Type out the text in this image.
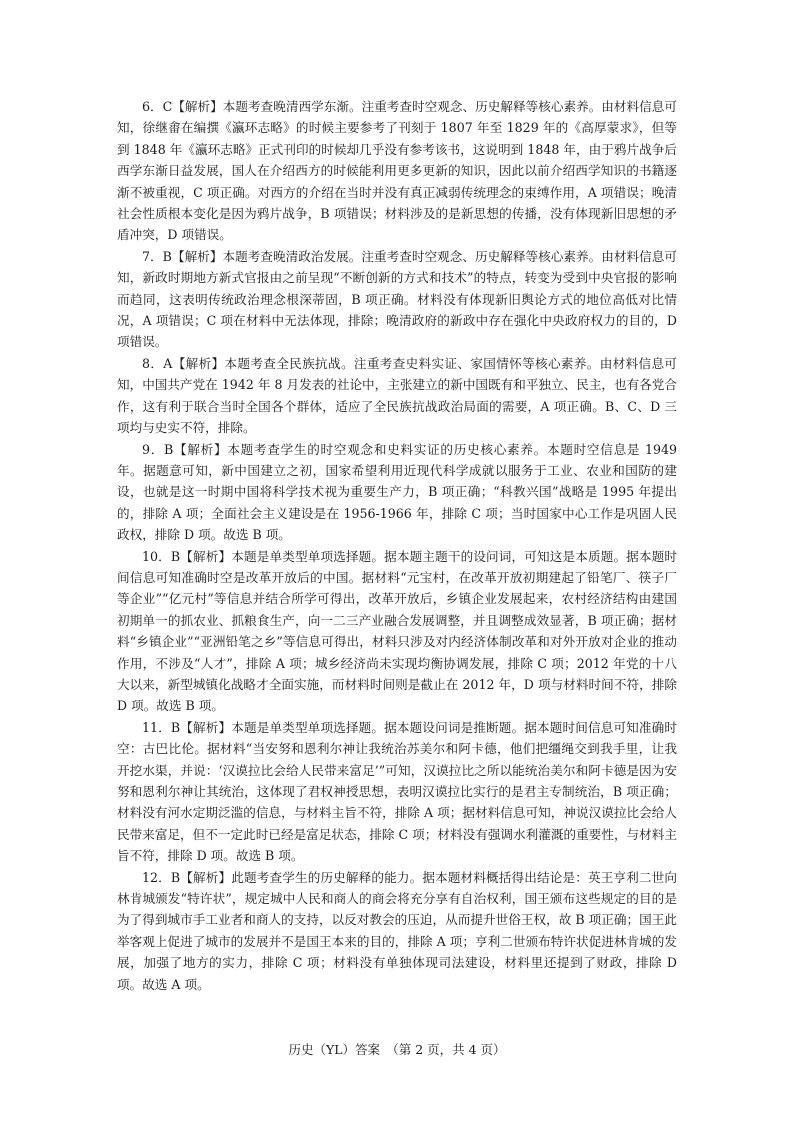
6．C【解析】本题考查晚清西学东渐。注重考查时空观念、历史解释等核心素养。由材料信息可知，徐继畬在编撰《瀛环志略》的时候主要参考了刊刻于 1807 年至 1829 年的《高厚蒙求》，但等到 1848 年《瀛环志略》正式刊印的时候却几乎没有参考该书，这说明到 1848 年，由于鸦片战争后西学东渐日益发展，国人在介绍西方的时候能利用更多更新的知识，因此以前介绍西学知识的书籍逐渐不被重视，C 项正确。对西方的介绍在当时并没有真正减弱传统理念的束缚作用，A 项错误；晚清社会性质根本变化是因为鸦片战争，B 项错误；材料涉及的是新思想的传播，没有体现新旧思想的矛盾冲突，D 项错误。

7．B【解析】本题考查晚清政治发展。注重考查时空观念、历史解释等核心素养。由材料信息可知，新政时期地方新式官报由之前呈现“不断创新的方式和技术”的特点，转变为受到中央官报的影响而趋同，这表明传统政治理念根深蒂固，B 项正确。材料没有体现新旧舆论方式的地位高低对比情况，A 项错误；C 项在材料中无法体现，排除；晚清政府的新政中存在强化中央政府权力的目的，D 项错误。

8．A【解析】本题考查全民族抗战。注重考查史料实证、家国情怀等核心素养。由材料信息可知，中国共产党在 1942 年 8 月发表的社论中，主张建立的新中国既有和平独立、民主，也有各党合作，这有利于联合当时全国各个群体，适应了全民族抗战政治局面的需要，A 项正确。B、C、D 三项均与史实不符，排除。

9．B【解析】本题考查学生的时空观念和史料实证的历史核心素养。本题时空信息是 1949 年。据题意可知，新中国建立之初，国家希望利用近现代科学成就以服务于工业、农业和国防的建设，也就是这一时期中国将科学技术视为重要生产力，B 项正确；“科教兴国”战略是 1995 年提出的，排除 A 项；全面社会主义建设是在 1956-1966 年，排除 C 项；当时国家中心工作是巩固人民政权，排除 D 项。故选 B 项。

10．B【解析】本题是单类型单项选择题。据本题主题干的设问词，可知这是本质题。据本题时间信息可知准确时空是改革开放后的中国。据材料“元宝村，在改革开放初期建起了铅笔厂、筷子厂等企业”“亿元村”等信息并结合所学可得出，改革开放后，乡镇企业发展起来，农村经济结构由建国初期单一的抓农业、抓粮食生产，向一二三产业融合发展调整，并且调整成效显著，B 项正确；据材料“乡镇企业”“亚洲铅笔之乡”等信息可得出，材料只涉及对内经济体制改革和对外开放对企业的推动作用，不涉及“人才”，排除 A 项；城乡经济尚未实现均衡协调发展，排除 C 项；2012 年党的十八大以来，新型城镇化战略才全面实施，而材料时间则是截止在 2012 年，D 项与材料时间不符，排除 D 项。故选 B 项。

11．B【解析】本题是单类型单项选择题。据本题设问词是推断题。据本题时间信息可知准确时空：古巴比伦。据材料“当安努和恩利尔神让我统治苏美尔和阿卡德，他们把缰绳交到我手里，让我开挖水渠，并说：‘汉谟拉比会给人民带来富足’”可知，汉谟拉比之所以能统治美尔和阿卡德是因为安努和恩利尔神让其统治，这体现了君权神授思想，表明汉谟拉比实行的是君主专制统治，B 项正确；材料没有河水定期泛滥的信息，与材料主旨不符，排除 A 项；据材料信息可知，神说汉谟拉比会给人民带来富足，但不一定此时已经是富足状态，排除 C 项；材料没有强调水利灌溉的重要性，与材料主旨不符，排除 D 项。故选 B 项。

12．B【解析】此题考查学生的历史解释的能力。据本题材料概括得出结论是：英王亨利二世向林肯城颁发“特许状”，规定城中人民和商人的商会将充分享有自治权利，国王颁布这些规定的目的是为了得到城市手工业者和商人的支持，以反对教会的压迫，从而提升世俗王权，故 B 项正确；国王此举客观上促进了城市的发展并不是国王本来的目的，排除 A 项；亨利二世颁布特许状促进林肯城的发展，加强了地方的实力，排除 C 项；材料没有单独体现司法建设，材料里还提到了财政，排除 D 项。故选 A 项。

历史（YL）答案　（第 2 页，共 4 页）
